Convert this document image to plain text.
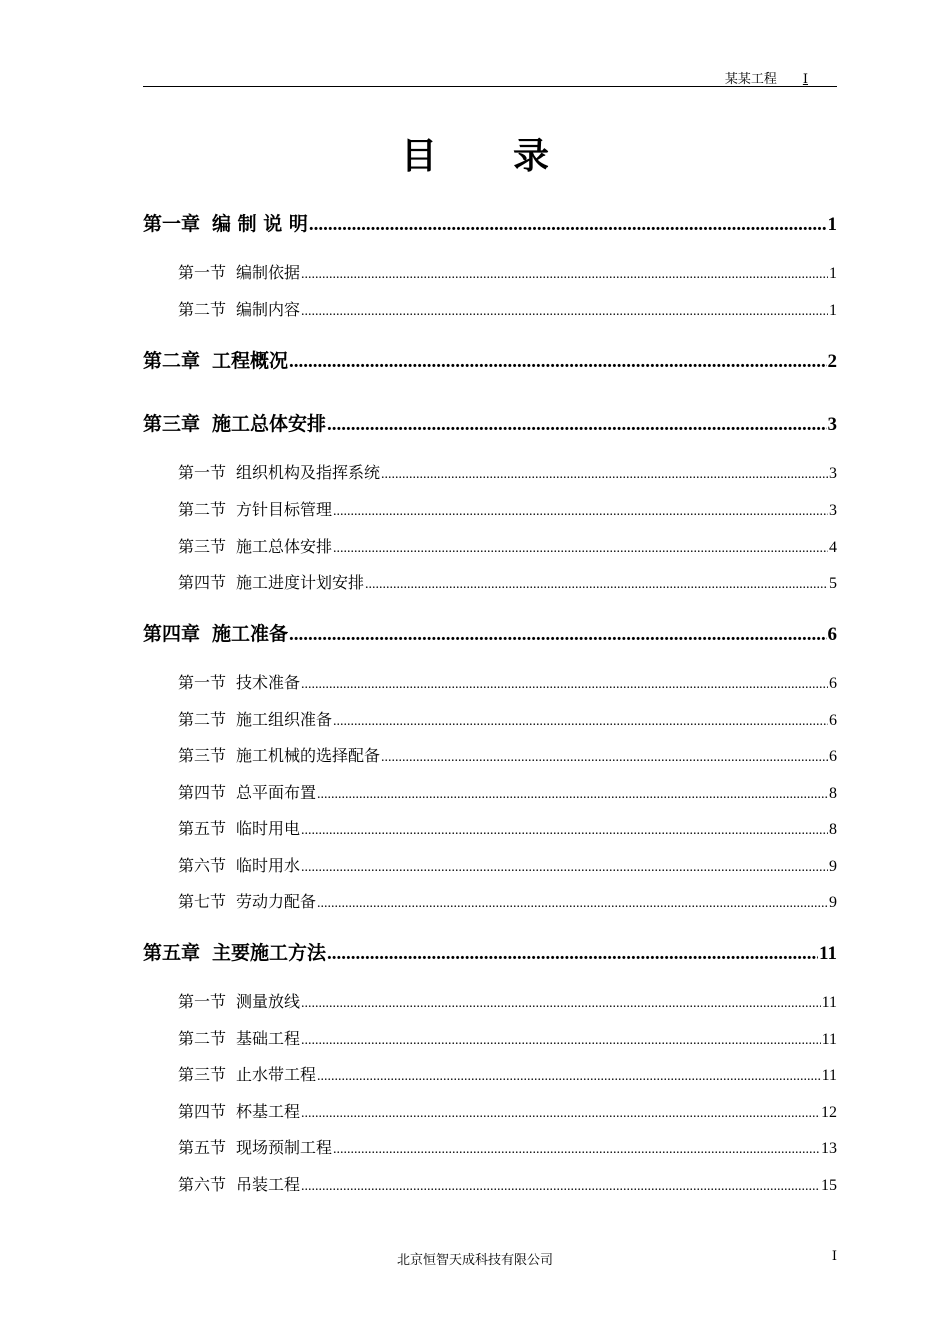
某某工程 I
目录
第一章 编 制 说 明 .....	1
第一节 编制依据 .....	1
第二节 编制内容 .....	1
第二章 工程概况 .....	2
第三章 施工总体安排 .....	3
第一节 组织机构及指挥系统 .....	3
第二节 方针目标管理 .....	3
第三节 施工总体安排 .....	4
第四节 施工进度计划安排 .....	5
第四章 施工准备 .....	6
第一节 技术准备 .....	6
第二节 施工组织准备 .....	6
第三节 施工机械的选择配备 .....	6
第四节 总平面布置 .....	8
第五节 临时用电 .....	8
第六节 临时用水 .....	9
第七节 劳动力配备 .....	9
第五章 主要施工方法 .....	11
第一节 测量放线 .....	11
第二节 基础工程 .....	11
第三节 止水带工程 .....	11
第四节 杯基工程 .....	12
第五节 现场预制工程 .....	13
第六节 吊装工程 .....	15
北京恒智天成科技有限公司	I
